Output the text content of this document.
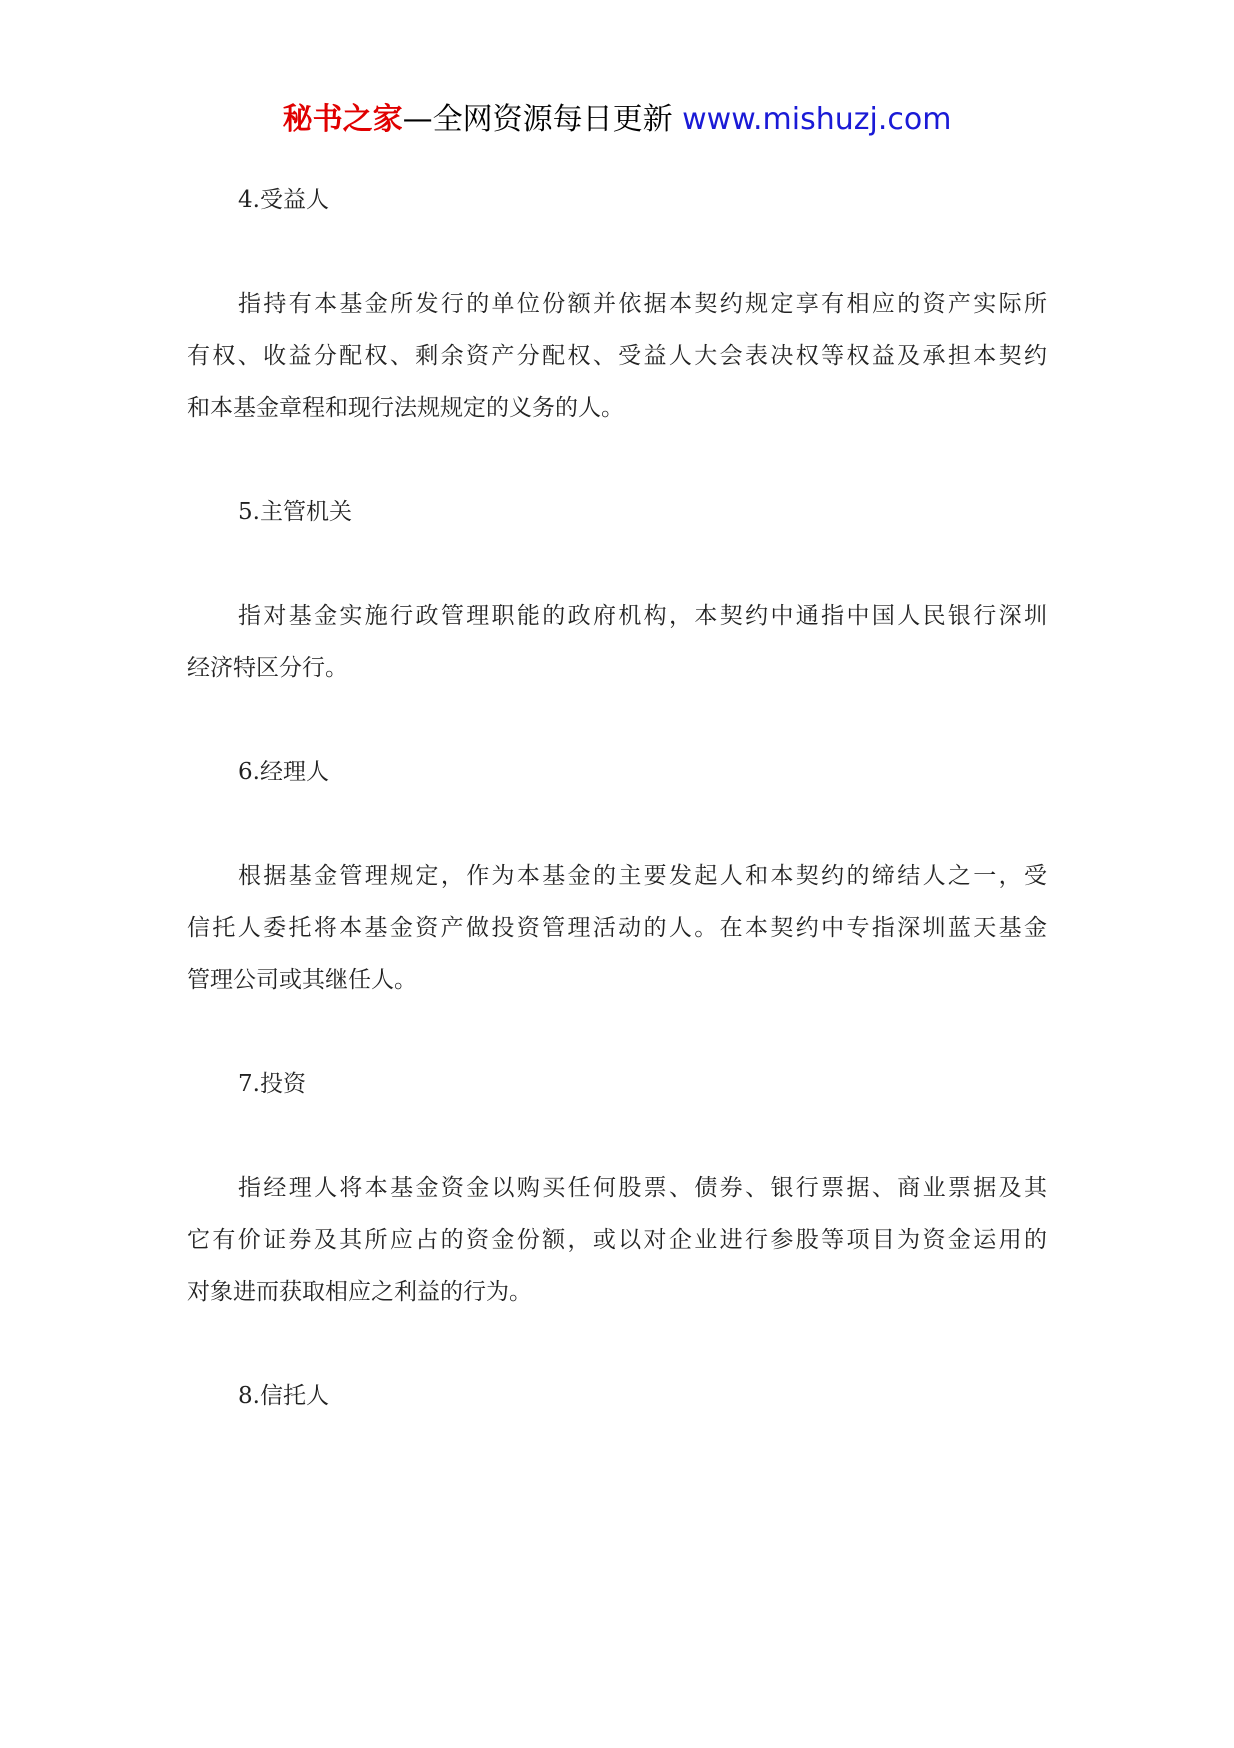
秘书之家—全网资源每日更新 www.mishuzj.com
4.受益人
指持有本基金所发行的单位份额并依据本契约规定享有相应的资产实际所
有权、收益分配权、剩余资产分配权、受益人大会表决权等权益及承担本契约
和本基金章程和现行法规规定的义务的人。
5.主管机关
指对基金实施行政管理职能的政府机构，本契约中通指中国人民银行深圳
经济特区分行。
6.经理人
根据基金管理规定，作为本基金的主要发起人和本契约的缔结人之一，受
信托人委托将本基金资产做投资管理活动的人。在本契约中专指深圳蓝天基金
管理公司或其继任人。
7.投资
指经理人将本基金资金以购买任何股票、债券、银行票据、商业票据及其
它有价证券及其所应占的资金份额，或以对企业进行参股等项目为资金运用的
对象进而获取相应之利益的行为。
8.信托人
